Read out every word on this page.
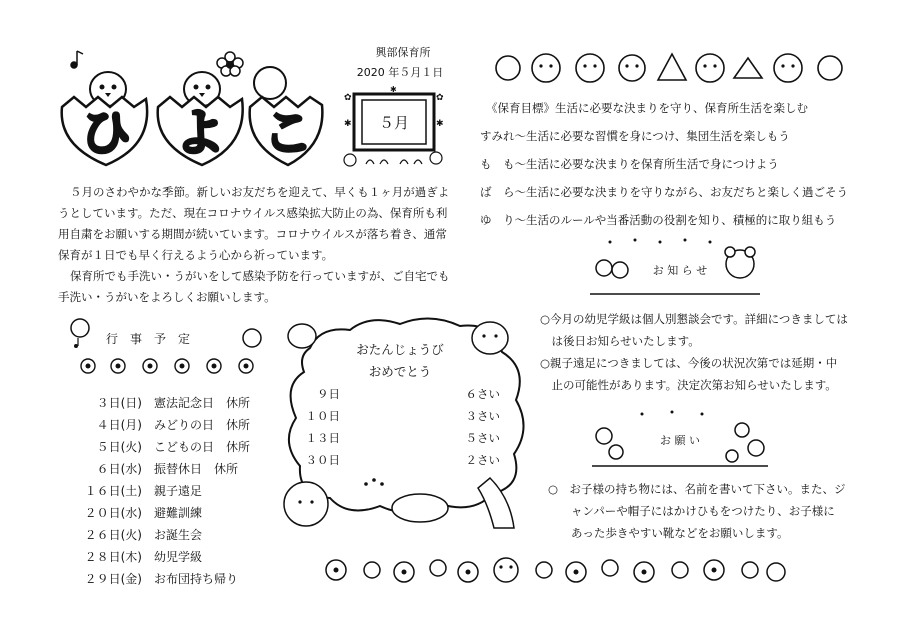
ひ よ こ
興部保育所
2020 年５月１日
✿	✿
✱	✱
✱
５月
５月のさわやかな季節。新しいお友だちを迎えて、早くも１ヶ月が過ぎよ
うとしています。ただ、現在コロナウイルス感染拡大防止の為、保育所も利
用自粛をお願いする期間が続いています。コロナウイルスが落ち着き、通常
保育が１日でも早く行えるよう心から祈っています。
保育所でも手洗い・うがいをして感染予防を行っていますが、ご自宅でも
手洗い・うがいをよろしくお願いします。
《保育目標》生活に必要な決まりを守り、保育所生活を楽しむ
すみれ～生活に必要な習慣を身につけ、集団生活を楽しもう
も　も～生活に必要な決まりを保育所生活で身につけよう
ば　ら～生活に必要な決まりを守りながら、お友だちと楽しく過ごそう
ゆ　り～生活のルールや当番活動の役割を知り、積極的に取り組もう
お 知 ら せ
○今月の幼児学級は個人別懇談会です。詳細につきましては
　は後日お知らせいたします。
○親子遠足につきましては、今後の状況次第では延期・中
　止の可能性があります。決定次第お知らせいたします。
お 願 い
○　お子様の持ち物には、名前を書いて下さい。また、ジ
　　ャンパーや帽子にはかけひもをつけたり、お子様に
　　あった歩きやすい靴などをお願いします。
行　事　予　定
３日(日)　 憲法記念日　休所
４日(月)　 みどりの日　休所
５日(火)　 こどもの日　休所
６日(水)　 振替休日　休所
１６日(土)　 親子遠足
２０日(水)　 避難訓練
２６日(火)　 お誕生会
２８日(木)　 幼児学級
２９日(金)　 お布団持ち帰り
おたんじょうび
おめでとう
９日	６さい
１０日	３さい
１３日	５さい
３０日	２さい
